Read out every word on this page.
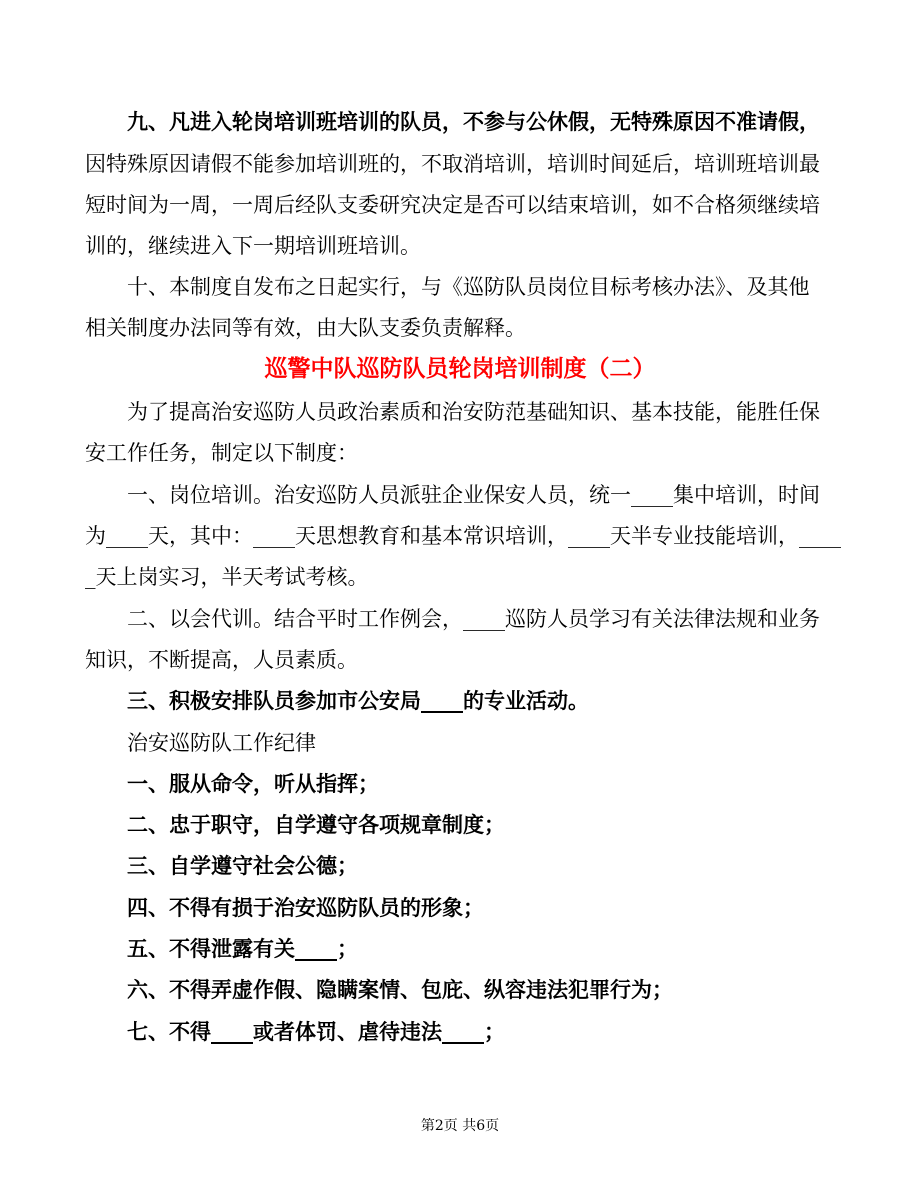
九、凡进入轮岗培训班培训的队员，不参与公休假，无特殊原因不准请假，
因特殊原因请假不能参加培训班的，不取消培训，培训时间延后，培训班培训最
短时间为一周，一周后经队支委研究决定是否可以结束培训，如不合格须继续培
训的，继续进入下一期培训班培训。
十、本制度自发布之日起实行，与《巡防队员岗位目标考核办法》、及其他
相关制度办法同等有效，由大队支委负责解释。
巡警中队巡防队员轮岗培训制度（二）
为了提高治安巡防人员政治素质和治安防范基础知识、基本技能，能胜任保
安工作任务，制定以下制度：
一、岗位培训。治安巡防人员派驻企业保安人员，统一____集中培训，时间
为____天，其中：____天思想教育和基本常识培训，____天半专业技能培训，____
_天上岗实习，半天考试考核。
二、以会代训。结合平时工作例会，____巡防人员学习有关法律法规和业务
知识，不断提高，人员素质。
三、积极安排队员参加市公安局____的专业活动。
治安巡防队工作纪律
一、服从命令，听从指挥；
二、忠于职守，自学遵守各项规章制度；
三、自学遵守社会公德；
四、不得有损于治安巡防队员的形象；
五、不得泄露有关____；
六、不得弄虚作假、隐瞒案情、包庇、纵容违法犯罪行为；
七、不得____或者体罚、虐待违法____；
第2页 共6页
